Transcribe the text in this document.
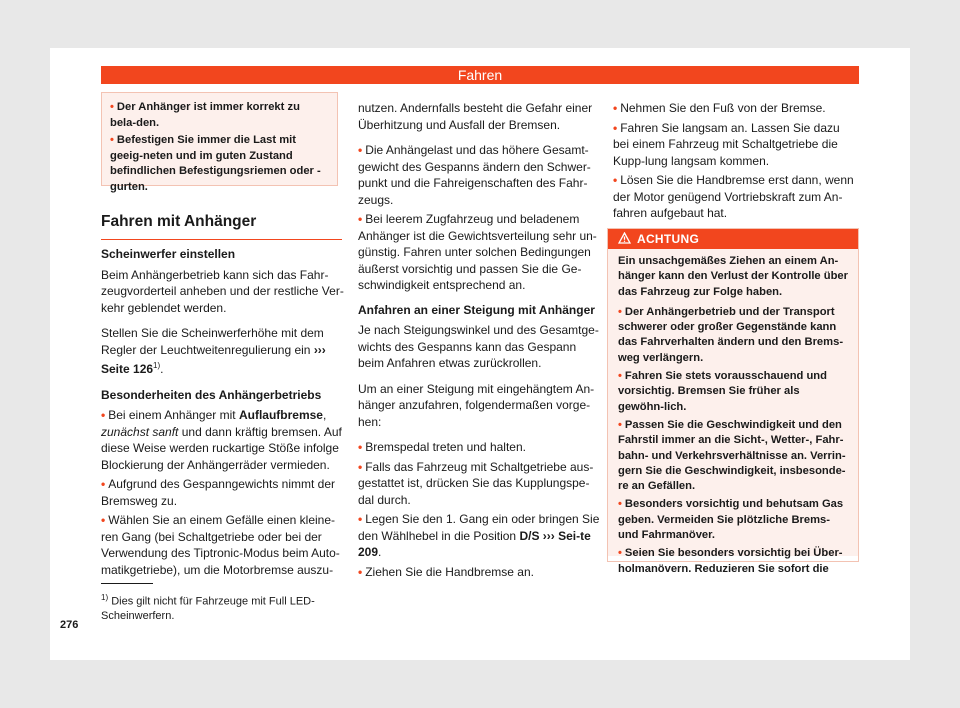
Fahren
• Der Anhänger ist immer korrekt zu bela-den.
• Befestigen Sie immer die Last mit geeig-neten und im guten Zustand befindlichen Befestigungsriemen oder -gurten.
Fahren mit Anhänger
Scheinwerfer einstellen

Beim Anhängerbetrieb kann sich das Fahr-zeugvorderteil anheben und der restliche Ver-kehr geblendet werden.

Stellen Sie die Scheinwerferhöhe mit dem Regler der Leuchtweitenregulierung ein ››› Seite 126$^{1)}$.

Besonderheiten des Anhängerbetriebs
• Bei einem Anhänger mit Auflaufbremse, zunächst sanft und dann kräftig bremsen. Auf diese Weise werden ruckartige Stöße infolge Blockierung der Anhängerräder vermieden.
• Aufgrund des Gespanngewichts nimmt der Bremsweg zu.
• Wählen Sie an einem Gefälle einen kleine-ren Gang (bei Schaltgetriebe oder bei der Verwendung des Tiptronic-Modus beim Auto-matikgetriebe), um die Motorbremse auszu-

nutzen. Andernfalls besteht die Gefahr einer Überhitzung und Ausfall der Bremsen.

• Die Anhängelast und das höhere Gesamt-gewicht des Gespanns ändern den Schwer-punkt und die Fahreigenschaften des Fahr-zeugs.
• Bei leerem Zugfahrzeug und beladenem Anhänger ist die Gewichtsverteilung sehr un-günstig. Fahren unter solchen Bedingungen äußerst vorsichtig und passen Sie die Ge-schwindigkeit entsprechend an.
Anfahren an einer Steigung mit Anhänger

Je nach Steigungswinkel und des Gesamtge-wichts des Gespanns kann das Gespann beim Anfahren etwas zurückrollen.

Um an einer Steigung mit eingehängtem An-hänger anzufahren, folgendermaßen vorge-hen:

• Bremspedal treten und halten.
• Falls das Fahrzeug mit Schaltgetriebe aus-gestattet ist, drücken Sie das Kupplungspe-dal durch.
• Legen Sie den 1. Gang ein oder bringen Sie den Wählhebel in die Position D/S ››› Sei-te 209.
• Ziehen Sie die Handbremse an.
• Nehmen Sie den Fuß von der Bremse.
• Fahren Sie langsam an. Lassen Sie dazu bei einem Fahrzeug mit Schaltgetriebe die Kupp-lung langsam kommen.
• Lösen Sie die Handbremse erst dann, wenn der Motor genügend Vortriebskraft zum An-fahren aufgebaut hat.
ACHTUNG

Ein unsachgemäßes Ziehen an einem An-hänger kann den Verlust der Kontrolle über das Fahrzeug zur Folge haben.

• Der Anhängerbetrieb und der Transport schwerer oder großer Gegenstände kann das Fahrverhalten ändern und den Brems-weg verlängern.
• Fahren Sie stets vorausschauend und vorsichtig. Bremsen Sie früher als gewöhn-lich.
• Passen Sie die Geschwindigkeit und den Fahrstil immer an die Sicht-, Wetter-, Fahr-bahn- und Verkehrsverhältnisse an. Verrin-gern Sie die Geschwindigkeit, insbesonde-re an Gefällen.
• Besonders vorsichtig und behutsam Gas geben. Vermeiden Sie plötzliche Brems-und Fahrmanöver.
• Seien Sie besonders vorsichtig bei Über-holmanövern. Reduzieren Sie sofort die
$^{1)}$ Dies gilt nicht für Fahrzeuge mit Full LED-Scheinwerfern.
276
